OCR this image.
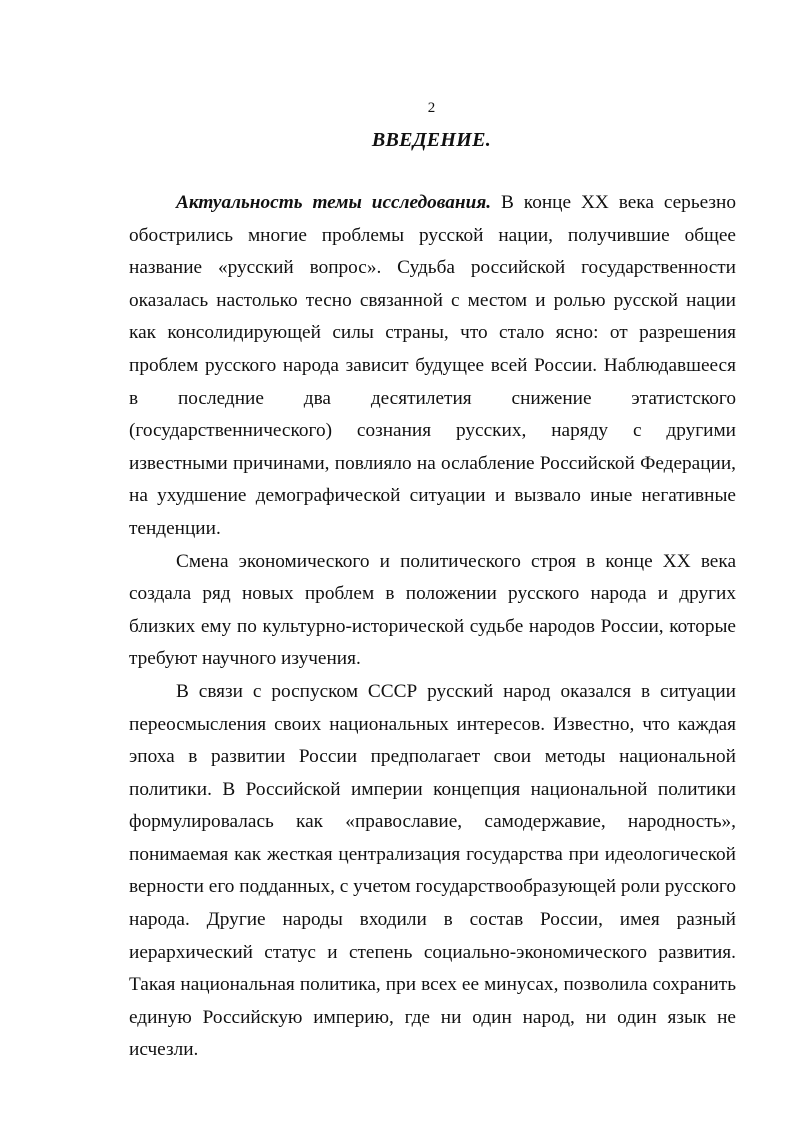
2
ВВЕДЕНИЕ.

Актуальность темы исследования. В конце XX века серьезно обострились многие проблемы русской нации, получившие общее название «русский вопрос». Судьба российской государственности оказалась настолько тесно связанной с местом и ролью русской нации как консолидирующей силы страны, что стало ясно: от разрешения проблем русского народа зависит будущее всей России. Наблюдавшееся в последние два десятилетия снижение этатистского (государственнического) сознания русских, наряду с другими известными причинами, повлияло на ослабление Российской Федерации, на ухудшение демографической ситуации и вызвало иные негативные тенденции.

Смена экономического и политического строя в конце XX века создала ряд новых проблем в положении русского народа и других близких ему по культурно-исторической судьбе народов России, которые требуют научного изучения.

В связи с роспуском СССР русский народ оказался в ситуации переосмысления своих национальных интересов. Известно, что каждая эпоха в развитии России предполагает свои методы национальной политики. В Российской империи концепция национальной политики формулировалась как «православие, самодержавие, народность», понимаемая как жесткая централизация государства при идеологической верности его подданных, с учетом государствообразующей роли русского народа. Другие народы входили в состав России, имея разный иерархический статус и степень социально-экономического развития. Такая национальная политика, при всех ее минусах, позволила сохранить единую Российскую империю, где ни один народ, ни один язык не исчезли.
